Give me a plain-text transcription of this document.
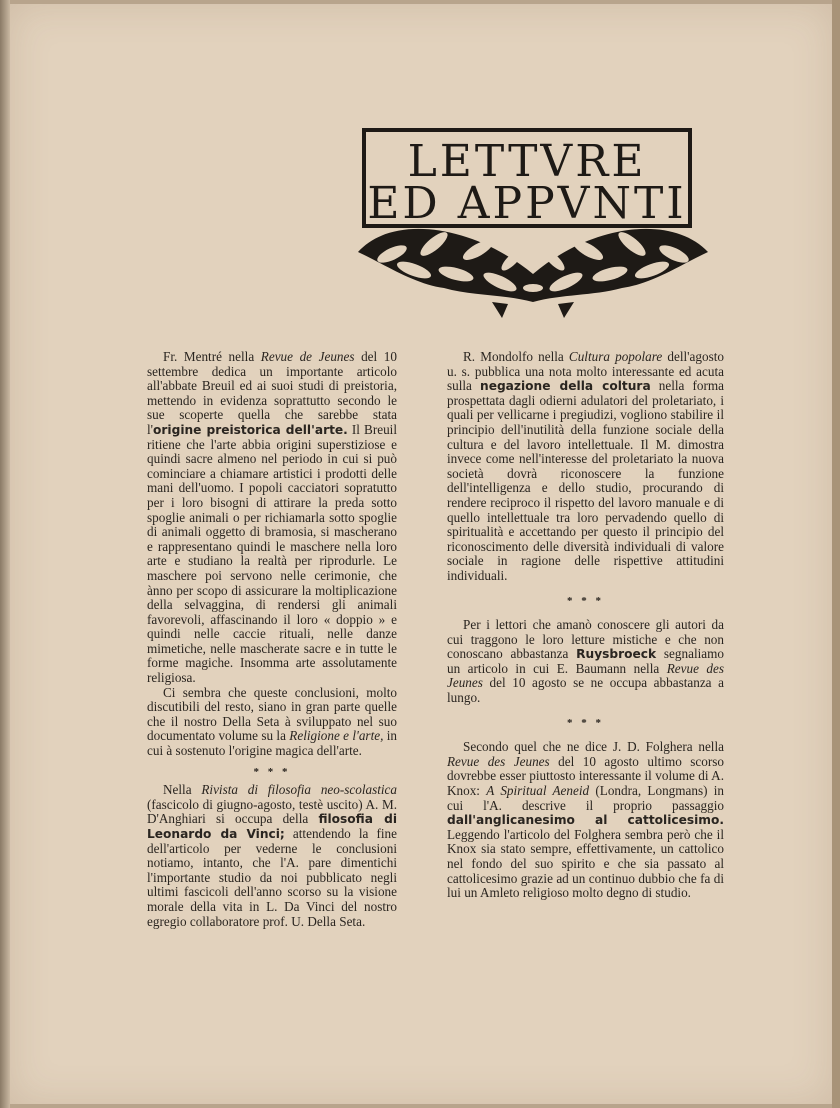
LETTVRE
ED APPVNTI

Fr. Mentré nella Revue de Jeunes del 10 settembre dedica un importante articolo all'abbate Breuil ed ai suoi studi di preistoria, mettendo in evidenza soprattutto secondo le sue scoperte quella che sarebbe stata l'origine preistorica dell'arte. Il Breuil ritiene che l'arte abbia origini superstiziose e quindi sacre almeno nel periodo in cui si può cominciare a chiamare artistici i prodotti delle mani dell'uomo. I popoli cacciatori sopratutto per i loro bisogni di attirare la preda sotto spoglie animali o per richiamarla sotto spoglie di animali oggetto di bramosia, si mascherano e rappresentano quindi le maschere nella loro arte e studiano la realtà per riprodurle. Le maschere poi servono nelle cerimonie, che ànno per scopo di assicurare la moltiplicazione della selvaggina, di rendersi gli animali favorevoli, affascinando il loro « doppio » e quindi nelle caccie rituali, nelle danze mimetiche, nelle mascherate sacre e in tutte le forme magiche. Insomma arte assolutamente religiosa.

Ci sembra che queste conclusioni, molto discutibili del resto, siano in gran parte quelle che il nostro Della Seta à sviluppato nel suo documentato volume su la Religione e l'arte, in cui à sostenuto l'origine magica dell'arte.

* * *

Nella Rivista di filosofia neo-scolastica (fascicolo di giugno-agosto, testè uscito) A. M. D'Anghiari si occupa della filosofia di Leonardo da Vinci; attendendo la fine dell'articolo per vederne le conclusioni notiamo, intanto, che l'A. pare dimentichi l'importante studio da noi pubblicato negli ultimi fascicoli dell'anno scorso su la visione morale della vita in L. Da Vinci del nostro egregio collaboratore prof. U. Della Seta.

R. Mondolfo nella Cultura popolare dell'agosto u. s. pubblica una nota molto interessante ed acuta sulla negazione della coltura nella forma prospettata dagli odierni adulatori del proletariato, i quali per vellicarne i pregiudizi, vogliono stabilire il principio dell'inutilità della funzione sociale della cultura e del lavoro intellettuale. Il M. dimostra invece come nell'interesse del proletariato la nuova società dovrà riconoscere la funzione dell'intelligenza e dello studio, procurando di rendere reciproco il rispetto del lavoro manuale e di quello intellettuale tra loro pervadendo quello di spiritualità e accettando per questo il principio del riconoscimento delle diversità individuali di valore sociale in ragione delle rispettive attitudini individuali.

* * *

Per i lettori che amanò conoscere gli autori da cui traggono le loro letture mistiche e che non conoscano abbastanza Ruysbroeck segnaliamo un articolo in cui E. Baumann nella Revue des Jeunes del 10 agosto se ne occupa abbastanza a lungo.

* * *

Secondo quel che ne dice J. D. Folghera nella Revue des Jeunes del 10 agosto ultimo scorso dovrebbe esser piuttosto interessante il volume di A. Knox: A Spiritual Aeneid (Londra, Longmans) in cui l'A. descrive il proprio passaggio dall'anglicanesimo al cattolicesimo. Leggendo l'articolo del Folghera sembra però che il Knox sia stato sempre, effettivamente, un cattolico nel fondo del suo spirito e che sia passato al cattolicesimo grazie ad un continuo dubbio che fa di lui un Amleto religioso molto degno di studio.
